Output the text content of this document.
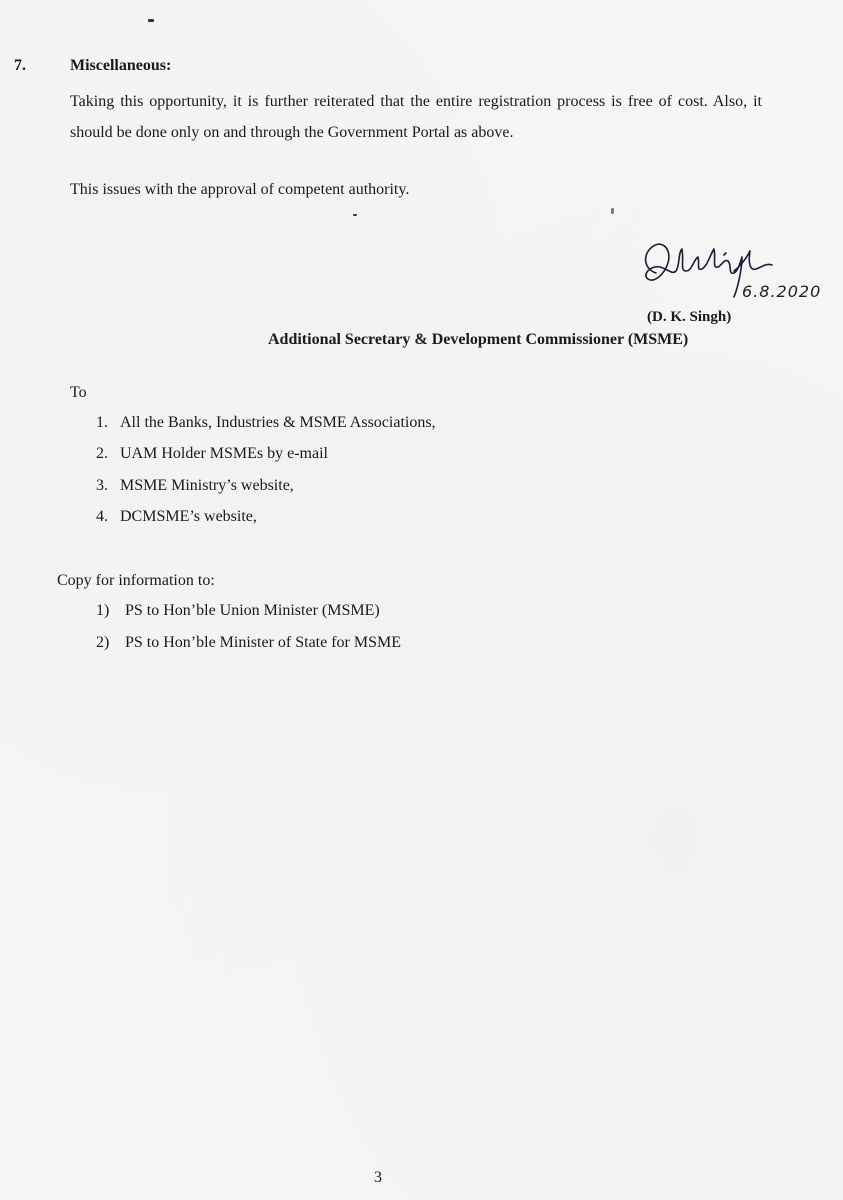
7.	Miscellaneous:
Taking this opportunity, it is further reiterated that the entire registration process is free of cost. Also, it should be done only on and through the Government Portal as above.
This issues with the approval of competent authority.
6.8.2020
(D. K. Singh)
Additional Secretary & Development Commissioner (MSME)
To
1. All the Banks, Industries & MSME Associations,
2. UAM Holder MSMEs by e-mail
3. MSME Ministry’s website,
4. DCMSME’s website,
Copy for information to:
1) PS to Hon’ble Union Minister (MSME)
2) PS to Hon’ble Minister of State for MSME
3
